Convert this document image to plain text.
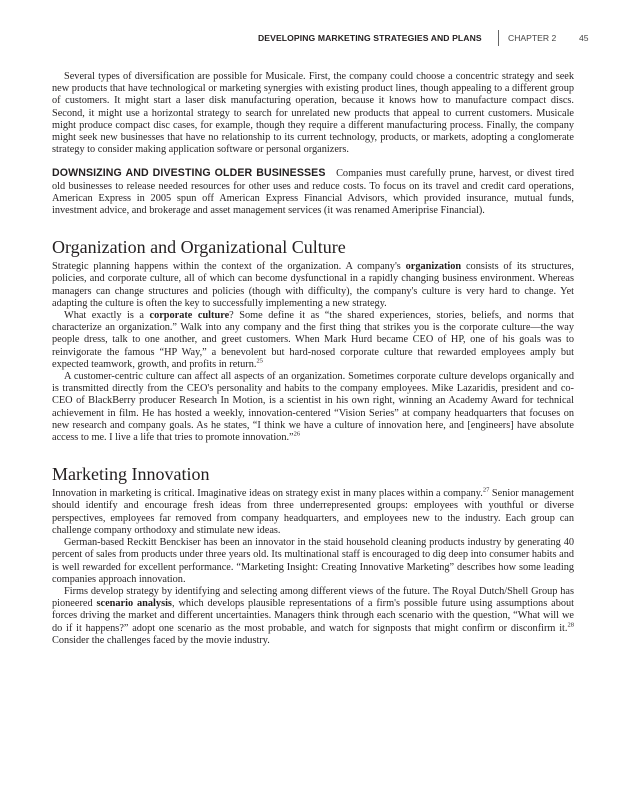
DEVELOPING MARKETING STRATEGIES AND PLANS	CHAPTER 2	45

Several types of diversification are possible for Musicale. First, the company could choose a concentric strategy and seek new products that have technological or marketing synergies with existing product lines, though appealing to a different group of customers. It might start a laser disk manufacturing operation, because it knows how to manufacture compact discs. Second, it might use a horizontal strategy to search for unrelated new products that appeal to current customers. Musicale might produce compact disc cases, for example, though they require a different manufacturing process. Finally, the company might seek new businesses that have no relationship to its current technology, products, or markets, adopting a conglomerate strategy to consider making application software or personal organizers.

DOWNSIZING AND DIVESTING OLDER BUSINESSES Companies must carefully prune, harvest, or divest tired old businesses to release needed resources for other uses and reduce costs. To focus on its travel and credit card operations, American Express in 2005 spun off American Express Financial Advisors, which provided insurance, mutual funds, investment advice, and brokerage and asset management services (it was renamed Ameriprise Financial).

Organization and Organizational Culture

Strategic planning happens within the context of the organization. A company's organization consists of its structures, policies, and corporate culture, all of which can become dysfunctional in a rapidly changing business environment. Whereas managers can change structures and policies (though with difficulty), the company's culture is very hard to change. Yet adapting the culture is often the key to successfully implementing a new strategy.

What exactly is a corporate culture? Some define it as “the shared experiences, stories, beliefs, and norms that characterize an organization.” Walk into any company and the first thing that strikes you is the corporate culture—the way people dress, talk to one another, and greet customers. When Mark Hurd became CEO of HP, one of his goals was to reinvigorate the famous “HP Way,” a benevolent but hard-nosed corporate culture that rewarded employees amply but expected teamwork, growth, and profits in return.$^{25}$

A customer-centric culture can affect all aspects of an organization. Sometimes corporate culture develops organically and is transmitted directly from the CEO's personality and habits to the company employees. Mike Lazaridis, president and co-CEO of BlackBerry producer Research In Motion, is a scientist in his own right, winning an Academy Award for technical achievement in film. He has hosted a weekly, innovation-centered “Vision Series” at company headquarters that focuses on new research and company goals. As he states, “I think we have a culture of innovation here, and [engineers] have absolute access to me. I live a life that tries to promote innovation.”$^{26}$

Marketing Innovation

Innovation in marketing is critical. Imaginative ideas on strategy exist in many places within a company.$^{27}$ Senior management should identify and encourage fresh ideas from three underrepresented groups: employees with youthful or diverse perspectives, employees far removed from company headquarters, and employees new to the industry. Each group can challenge company orthodoxy and stimulate new ideas.

German-based Reckitt Benckiser has been an innovator in the staid household cleaning products industry by generating 40 percent of sales from products under three years old. Its multinational staff is encouraged to dig deep into consumer habits and is well rewarded for excellent performance. “Marketing Insight: Creating Innovative Marketing” describes how some leading companies approach innovation.

Firms develop strategy by identifying and selecting among different views of the future. The Royal Dutch/Shell Group has pioneered scenario analysis, which develops plausible representations of a firm's possible future using assumptions about forces driving the market and different uncertainties. Managers think through each scenario with the question, “What will we do if it happens?” adopt one scenario as the most probable, and watch for signposts that might confirm or disconfirm it.$^{28}$ Consider the challenges faced by the movie industry.
